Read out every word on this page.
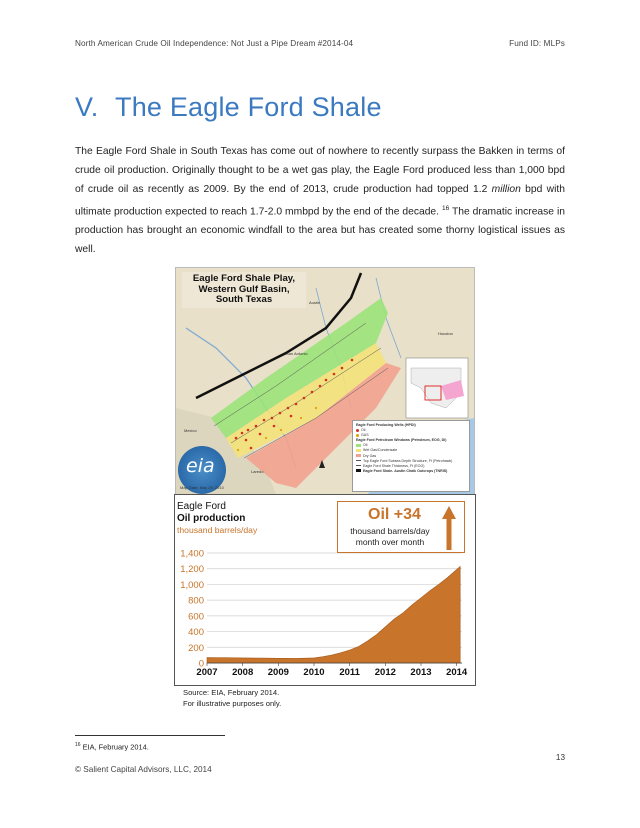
North American Crude Oil Independence: Not Just a Pipe Dream #2014-04	Fund ID: MLPs
V. The Eagle Ford Shale

The Eagle Ford Shale in South Texas has come out of nowhere to recently surpass the Bakken in terms of crude oil production. Originally thought to be a wet gas play, the Eagle Ford produced less than 1,000 bpd of crude oil as recently as 2009. By the end of 2013, crude production had topped 1.2 million bpd with ultimate production expected to reach 1.7-2.0 mmbpd by the end of the decade. $^{16}$ The dramatic increase in production has brought an economic windfall to the area but has created some thorny logistical issues as well.

Eagle Ford Shale Play,
Western Gulf Basin,
South Texas	Austin
San Antonio
Houston
Laredo
Mexico
eia
Map Date: May 29, 2010
Eagle Ford Producing Wells (HPDI)
Oil
GAS
Eagle Ford Petroleum Windows (Petroleum, EOG, DI)
Oil
Wet Gas/Condensate
Dry Gas
Top Eagle Ford Subsea Depth Structure, Ft (Petrohawk)
Eagle Ford Shale Thickness, Ft (EOG)
Eagle Ford Shale- Austin Chalk Outcrops (TNRIS)
0
200
400
600
800
1,000
1,200
1,400
2007 2008 2009 2010 2011 2012 2013 2014
Eagle Ford
Oil production
thousand barrels/day
Oil +34
thousand barrels/day
month over month
Source: EIA, February 2014.
For illustrative purposes only.
$^{16}$ EIA, February 2014.
13
© Salient Capital Advisors, LLC, 2014
